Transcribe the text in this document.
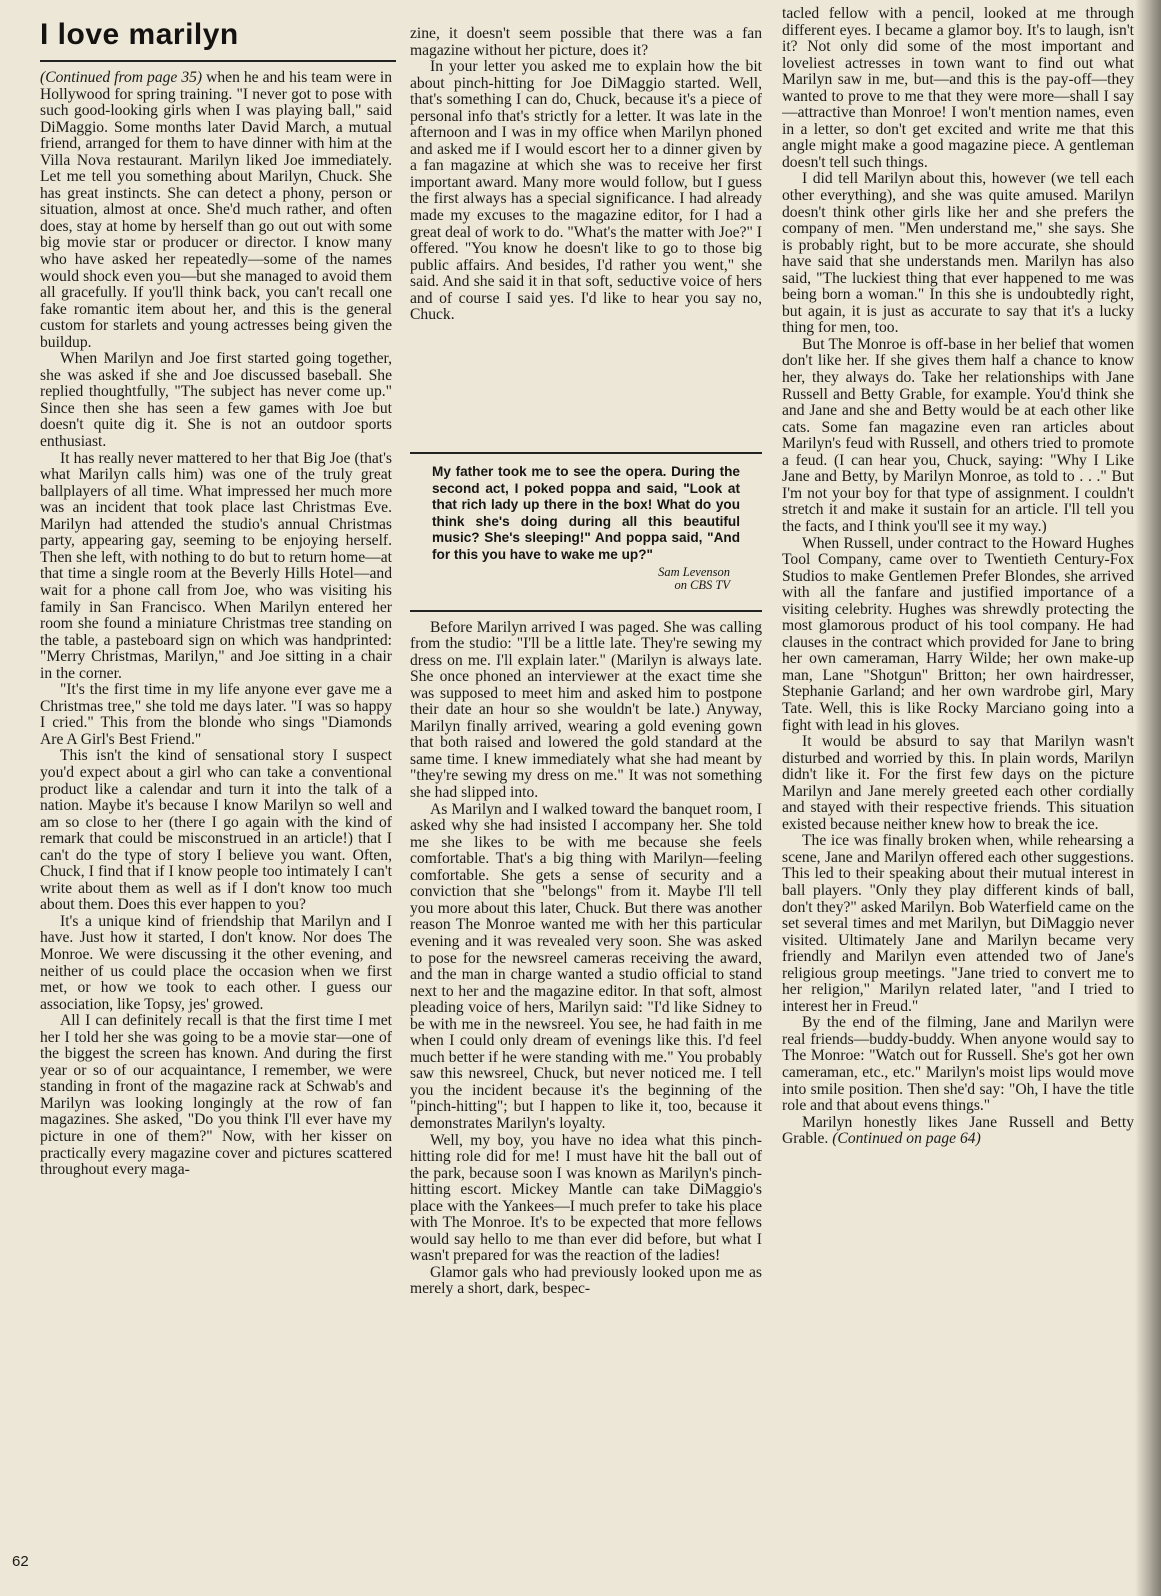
I love marilyn

(Continued from page 35) when he and his team were in Hollywood for spring training. "I never got to pose with such good-looking girls when I was playing ball," said DiMaggio. Some months later David March, a mutual friend, arranged for them to have dinner with him at the Villa Nova restaurant. Marilyn liked Joe immediately. Let me tell you something about Marilyn, Chuck. She has great instincts. She can detect a phony, person or situation, almost at once. She'd much rather, and often does, stay at home by herself than go out out with some big movie star or producer or director. I know many who have asked her repeatedly—some of the names would shock even you—but she managed to avoid them all gracefully. If you'll think back, you can't recall one fake romantic item about her, and this is the general custom for starlets and young actresses being given the buildup.

When Marilyn and Joe first started going together, she was asked if she and Joe discussed baseball. She replied thoughtfully, "The subject has never come up." Since then she has seen a few games with Joe but doesn't quite dig it. She is not an outdoor sports enthusiast.

It has really never mattered to her that Big Joe (that's what Marilyn calls him) was one of the truly great ballplayers of all time. What impressed her much more was an incident that took place last Christmas Eve. Marilyn had attended the studio's annual Christmas party, appearing gay, seeming to be enjoying herself. Then she left, with nothing to do but to return home—at that time a single room at the Beverly Hills Hotel—and wait for a phone call from Joe, who was visiting his family in San Francisco. When Marilyn entered her room she found a miniature Christmas tree standing on the table, a pasteboard sign on which was handprinted: "Merry Christmas, Marilyn," and Joe sitting in a chair in the corner.

"It's the first time in my life anyone ever gave me a Christmas tree," she told me days later. "I was so happy I cried." This from the blonde who sings "Diamonds Are A Girl's Best Friend."

This isn't the kind of sensational story I suspect you'd expect about a girl who can take a conventional product like a calendar and turn it into the talk of a nation. Maybe it's because I know Marilyn so well and am so close to her (there I go again with the kind of remark that could be misconstrued in an article!) that I can't do the type of story I believe you want. Often, Chuck, I find that if I know people too intimately I can't write about them as well as if I don't know too much about them. Does this ever happen to you?

It's a unique kind of friendship that Marilyn and I have. Just how it started, I don't know. Nor does The Monroe. We were discussing it the other evening, and neither of us could place the occasion when we first met, or how we took to each other. I guess our association, like Topsy, jes' growed.

All I can definitely recall is that the first time I met her I told her she was going to be a movie star—one of the biggest the screen has known. And during the first year or so of our acquaintance, I remember, we were standing in front of the magazine rack at Schwab's and Marilyn was looking longingly at the row of fan magazines. She asked, "Do you think I'll ever have my picture in one of them?" Now, with her kisser on practically every magazine cover and pictures scattered throughout every maga-

zine, it doesn't seem possible that there was a fan magazine without her picture, does it?

In your letter you asked me to explain how the bit about pinch-hitting for Joe DiMaggio started. Well, that's something I can do, Chuck, because it's a piece of personal info that's strictly for a letter. It was late in the afternoon and I was in my office when Marilyn phoned and asked me if I would escort her to a dinner given by a fan magazine at which she was to receive her first important award. Many more would follow, but I guess the first always has a special significance. I had already made my excuses to the magazine editor, for I had a great deal of work to do. "What's the matter with Joe?" I offered. "You know he doesn't like to go to those big public affairs. And besides, I'd rather you went," she said. And she said it in that soft, seductive voice of hers and of course I said yes. I'd like to hear you say no, Chuck.

My father took me to see the opera. During the second act, I poked poppa and said, "Look at that rich lady up there in the box! What do you think she's doing during all this beautiful music? She's sleeping!" And poppa said, "And for this you have to wake me up?"
Sam Levenson
on CBS TV

Before Marilyn arrived I was paged. She was calling from the studio: "I'll be a little late. They're sewing my dress on me. I'll explain later." (Marilyn is always late. She once phoned an interviewer at the exact time she was supposed to meet him and asked him to postpone their date an hour so she wouldn't be late.) Anyway, Marilyn finally arrived, wearing a gold evening gown that both raised and lowered the gold standard at the same time. I knew immediately what she had meant by "they're sewing my dress on me." It was not something she had slipped into.

As Marilyn and I walked toward the banquet room, I asked why she had insisted I accompany her. She told me she likes to be with me because she feels comfortable. That's a big thing with Marilyn—feeling comfortable. She gets a sense of security and a conviction that she "belongs" from it. Maybe I'll tell you more about this later, Chuck. But there was another reason The Monroe wanted me with her this particular evening and it was revealed very soon. She was asked to pose for the newsreel cameras receiving the award, and the man in charge wanted a studio official to stand next to her and the magazine editor. In that soft, almost pleading voice of hers, Marilyn said: "I'd like Sidney to be with me in the newsreel. You see, he had faith in me when I could only dream of evenings like this. I'd feel much better if he were standing with me." You probably saw this newsreel, Chuck, but never noticed me. I tell you the incident because it's the beginning of the "pinch-hitting"; but I happen to like it, too, because it demonstrates Marilyn's loyalty.

Well, my boy, you have no idea what this pinch-hitting role did for me! I must have hit the ball out of the park, because soon I was known as Marilyn's pinch-hitting escort. Mickey Mantle can take DiMaggio's place with the Yankees—I much prefer to take his place with The Monroe. It's to be expected that more fellows would say hello to me than ever did before, but what I wasn't prepared for was the reaction of the ladies!

Glamor gals who had previously looked upon me as merely a short, dark, bespec-

tacled fellow with a pencil, looked at me through different eyes. I became a glamor boy. It's to laugh, isn't it? Not only did some of the most important and loveliest actresses in town want to find out what Marilyn saw in me, but—and this is the pay-off—they wanted to prove to me that they were more—shall I say—attractive than Monroe! I won't mention names, even in a letter, so don't get excited and write me that this angle might make a good magazine piece. A gentleman doesn't tell such things.

I did tell Marilyn about this, however (we tell each other everything), and she was quite amused. Marilyn doesn't think other girls like her and she prefers the company of men. "Men understand me," she says. She is probably right, but to be more accurate, she should have said that she understands men. Marilyn has also said, "The luckiest thing that ever happened to me was being born a woman." In this she is undoubtedly right, but again, it is just as accurate to say that it's a lucky thing for men, too.

But The Monroe is off-base in her belief that women don't like her. If she gives them half a chance to know her, they always do. Take her relationships with Jane Russell and Betty Grable, for example. You'd think she and Jane and she and Betty would be at each other like cats. Some fan magazine even ran articles about Marilyn's feud with Russell, and others tried to promote a feud. (I can hear you, Chuck, saying: "Why I Like Jane and Betty, by Marilyn Monroe, as told to . . ." But I'm not your boy for that type of assignment. I couldn't stretch it and make it sustain for an article. I'll tell you the facts, and I think you'll see it my way.)

When Russell, under contract to the Howard Hughes Tool Company, came over to Twentieth Century-Fox Studios to make Gentlemen Prefer Blondes, she arrived with all the fanfare and justified importance of a visiting celebrity. Hughes was shrewdly protecting the most glamorous product of his tool company. He had clauses in the contract which provided for Jane to bring her own cameraman, Harry Wilde; her own make-up man, Lane "Shotgun" Britton; her own hairdresser, Stephanie Garland; and her own wardrobe girl, Mary Tate. Well, this is like Rocky Marciano going into a fight with lead in his gloves.

It would be absurd to say that Marilyn wasn't disturbed and worried by this. In plain words, Marilyn didn't like it. For the first few days on the picture Marilyn and Jane merely greeted each other cordially and stayed with their respective friends. This situation existed because neither knew how to break the ice.

The ice was finally broken when, while rehearsing a scene, Jane and Marilyn offered each other suggestions. This led to their speaking about their mutual interest in ball players. "Only they play different kinds of ball, don't they?" asked Marilyn. Bob Waterfield came on the set several times and met Marilyn, but DiMaggio never visited. Ultimately Jane and Marilyn became very friendly and Marilyn even attended two of Jane's religious group meetings. "Jane tried to convert me to her religion," Marilyn related later, "and I tried to interest her in Freud."

By the end of the filming, Jane and Marilyn were real friends—buddy-buddy. When anyone would say to The Monroe: "Watch out for Russell. She's got her own cameraman, etc., etc." Marilyn's moist lips would move into smile position. Then she'd say: "Oh, I have the title role and that about evens things."

Marilyn honestly likes Jane Russell and Betty Grable. (Continued on page 64)

62
